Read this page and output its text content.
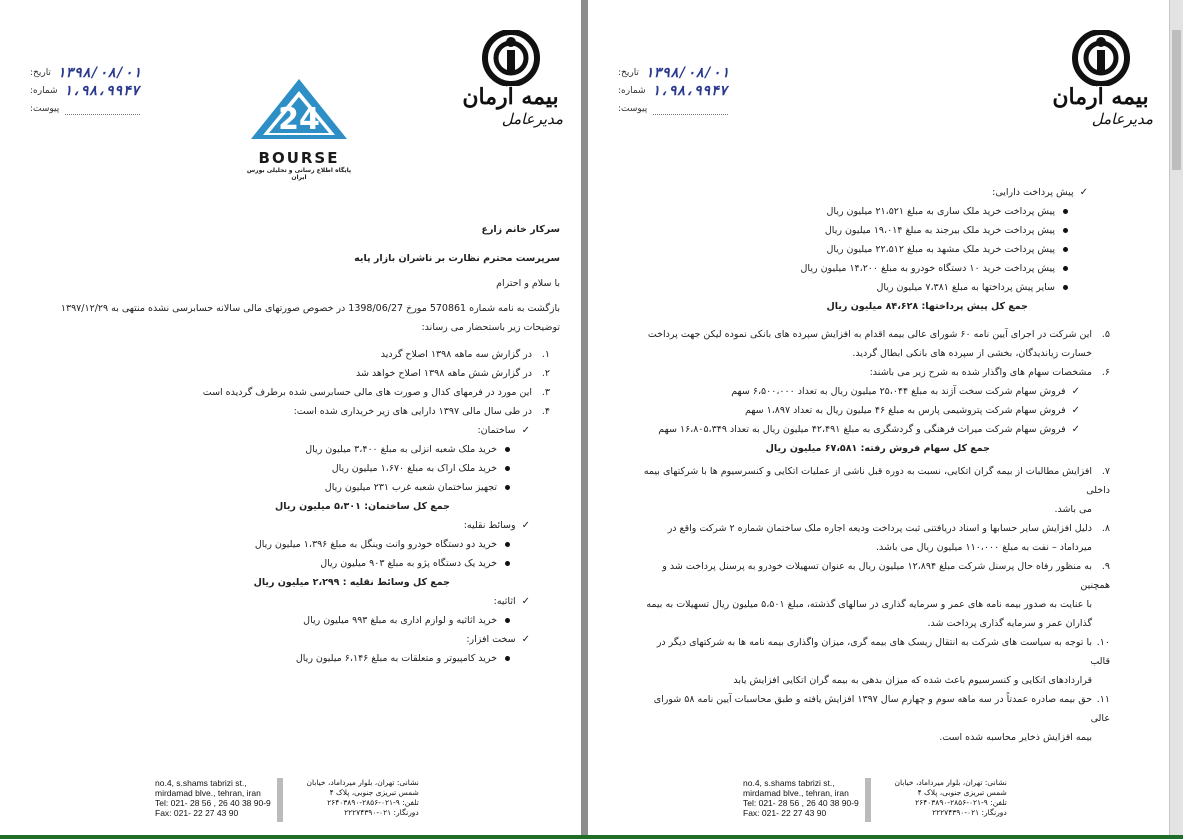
۱۳۹۸/۰۸/۰۱
تاریخ:
۱،۹۸،۹۹۴۷
شماره:
پیوست:	24
BOURSE
پایگاه اطلاع رسانی و تحلیلی بورس ایران
بیمه آرمان
مدیرعامل
سرکار خانم زارع
سرپرست محترم نظارت بر ناشران بازار پایه
با سلام و احترام
بازگشت به نامه شماره 570861 مورخ 1398/06/27 در خصوص صورتهای مالی سالانه حسابرسی نشده منتهی به ۱۳۹۷/۱۲/۲۹
توضیحات زیر باستحضار می رساند:
۱.در گزارش سه ماهه ۱۳۹۸ اصلاح گردید
۲.در گزارش شش ماهه ۱۳۹۸ اصلاح خواهد شد
۳.این مورد در فرمهای کدال و صورت های مالی حسابرسی شده برطرف گردیده است
۴.در طی سال مالی ۱۳۹۷ دارایی های زیر خریداری شده است:
✓ساختمان:
خرید ملک شعبه انزلی به مبلغ ۳،۴۰۰ میلیون ریال
خرید ملک اراک به مبلغ ۱،۶۷۰ میلیون ریال
تجهیز ساختمان شعبه غرب ۲۳۱ میلیون ریال
جمع کل ساختمان: ۵،۳۰۱ میلیون ریال
✓وسائط نقلیه:
خرید دو دستگاه خودرو وانت وینگل به مبلغ ۱،۳۹۶ میلیون ریال
خرید یک دستگاه پژو به مبلغ ۹۰۳ میلیون ریال
جمع کل وسائط نقلیه : ۲،۲۹۹ میلیون ریال
✓اثاثیه:
خرید اثاثیه و لوازم اداری به مبلغ ۹۹۳ میلیون ریال
✓سخت افزار:
خرید کامپیوتر و متعلقات به مبلغ ۶،۱۴۶ میلیون ریال
no.4, s.shams tabrizi st.,
mirdamad blve., tehran, iran
Tel: 021- 28 56 , 26 40 38 90-9
Fax: 021- 22 27 43 90
نشانی: تهران، بلوار میرداماد، خیابان
شمس تبریزی جنوبی، پلاک ۴
تلفن: ۹-۰۲۱-۲۸۵۶-۲۶۴۰۳۸۹۰
دورنگار: ۰۲۱-۲۲۲۷۴۳۹۰
۱۳۹۸/۰۸/۰۱
تاریخ:
۱،۹۸،۹۹۴۷
شماره:
پیوست:	بیمه آرمان
مدیرعامل
✓پیش پرداخت دارایی:
پیش پرداخت خرید ملک ساری به مبلغ ۲۱،۵۲۱ میلیون ریال
پیش پرداخت خرید ملک بیرجند به مبلغ ۱۹،۰۱۴ میلیون ریال
پیش پرداخت خرید ملک مشهد به مبلغ ۲۲،۵۱۲ میلیون ریال
پیش پرداخت خرید ۱۰ دستگاه خودرو به مبلغ ۱۴،۲۰۰ میلیون ریال
سایر پیش پرداختها به مبلغ ۷،۳۸۱ میلیون ریال
جمع کل پیش پرداختها: ۸۴،۶۲۸ میلیون ریال
۵.این شرکت در اجرای آیین نامه ۶۰ شورای عالی بیمه اقدام به افزایش سپرده های بانکی نموده لیکن جهت پرداخت
خسارت زیاندیدگان، بخشی از سپرده های بانکی ابطال گردید.
۶.مشخصات سهام های واگذار شده به شرح زیر می باشند:
✓فروش سهام شرکت سخت آژند به مبلغ ۲۵،۰۴۴ میلیون ریال به تعداد ۶،۵۰۰،۰۰۰ سهم
✓فروش سهام شرکت پتروشیمی پارس به مبلغ ۴۶ میلیون ریال به تعداد ۱،۸۹۷ سهم
✓فروش سهام شرکت میراث فرهنگی و گردشگری به مبلغ ۴۲،۴۹۱ میلیون ریال به تعداد ۱۶،۸۰۵،۳۴۹ سهم
جمع کل سهام فروش رفته: ۶۷،۵۸۱ میلیون ریال
۷.افزایش مطالبات از بیمه گران اتکایی، نسبت به دوره قبل ناشی از عملیات اتکایی و کنسرسیوم ها با شرکتهای بیمه داخلی
می باشد.
۸.دلیل افزایش سایر حسابها و اسناد دریافتنی ثبت پرداخت ودیعه اجاره ملک ساختمان شماره ۲ شرکت واقع در
میرداماد – نفت به مبلغ ۱۱۰،۰۰۰ میلیون ریال می باشد.
۹.به منظور رفاه حال پرسنل شرکت مبلغ ۱۲،۸۹۴ میلیون ریال به عنوان تسهیلات خودرو به پرسنل پرداخت شد و همچنین
با عنایت به صدور بیمه نامه های عمر و سرمایه گذاری در سالهای گذشته، مبلغ ۵،۵۰۱ میلیون ریال تسهیلات به بیمه
گذاران عمر و سرمایه گذاری پرداخت شد.
۱۰.با توجه به سیاست های شرکت به انتقال ریسک های بیمه گری، میزان واگذاری بیمه نامه ها به شرکتهای دیگر در قالب
قراردادهای اتکایی و کنسرسیوم باعث شده که میزان بدهی به بیمه گران اتکایی افزایش یابد
۱۱.حق بیمه صادره عمدتاً در سه ماهه سوم و چهارم سال ۱۳۹۷ افزایش یافته و طبق محاسبات آیین نامه ۵۸ شورای عالی
بیمه افزایش ذخایر محاسبه شده است.
no.4, s.shams tabrizi st.,
mirdamad blve., tehran, iran
Tel: 021- 28 56 , 26 40 38 90-9
Fax: 021- 22 27 43 90
نشانی: تهران، بلوار میرداماد، خیابان
شمس تبریزی جنوبی، پلاک ۴
تلفن: ۹-۰۲۱-۲۸۵۶-۲۶۴۰۳۸۹۰
دورنگار: ۰۲۱-۲۲۲۷۴۳۹۰
